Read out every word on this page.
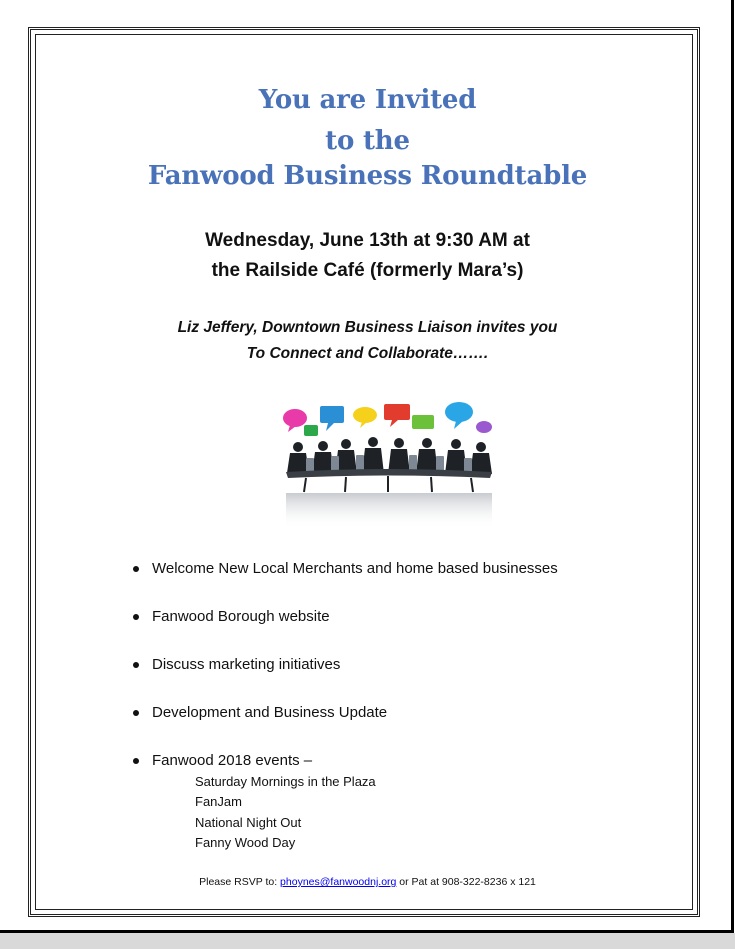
You are Invited
to the
Fanwood Business Roundtable
Wednesday, June 13th at 9:30 AM at
the Railside Café (formerly Mara’s)
Liz Jeffery, Downtown Business Liaison invites you
To Connect and Collaborate…….
Welcome New Local Merchants and home based businesses
Fanwood Borough website
Discuss marketing initiatives
Development and Business Update
Fanwood 2018 events –
Saturday Mornings in the Plaza
FanJam
National Night Out
Fanny Wood Day
Please RSVP to: phoynes@fanwoodnj.org or Pat at 908-322-8236 x 121
